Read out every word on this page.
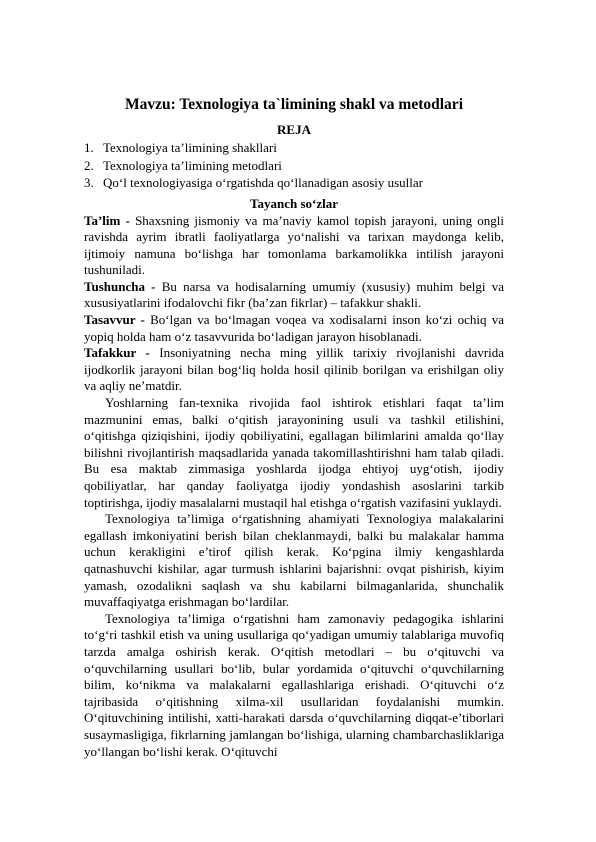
Mavzu: Texnologiya ta`limining shakl va metodlari
REJA
1. Texnologiya ta’limining shakllari
2. Texnologiya ta’limining metodlari
3. Qo‘l texnologiyasiga o‘rgatishda qo‘llanadigan asosiy usullar
Tayanch so‘zlar

Ta’lim - Shaxsning jismoniy va ma’naviy kamol topish jarayoni, uning ongli ravishda ayrim ibratli faoliyatlarga yo‘nalishi va tarixan maydonga kelib, ijtimoiy namuna bo‘lishga har tomonlama barkamolikka intilish jarayoni tushuniladi.

Tushuncha - Bu narsa va hodisalarning umumiy (xususiy) muhim belgi va xususiyatlarini ifodalovchi fikr (ba’zan fikrlar) – tafakkur shakli.

Tasavvur - Bo‘lgan va bo‘lmagan voqea va xodisalarni inson ko‘zi ochiq va yopiq holda ham o‘z tasavvurida bo‘ladigan jarayon hisoblanadi.

Tafakkur - Insoniyatning necha ming yillik tarixiy rivojlanishi davrida ijodkorlik jarayoni bilan bog‘liq holda hosil qilinib borilgan va erishilgan oliy va aqliy ne’matdir.

Yoshlarning fan-texnika rivojida faol ishtirok etishlari faqat ta’lim mazmunini emas, balki o‘qitish jarayonining usuli va tashkil etilishini, o‘qitishga qiziqishini, ijodiy qobiliyatini, egallagan bilimlarini amalda qo‘llay bilishni rivojlantirish maqsadlarida yanada takomillashtirishni ham talab qiladi. Bu esa maktab zimmasiga yoshlarda ijodga ehtiyoj uyg‘otish, ijodiy qobiliyatlar, har qanday faoliyatga ijodiy yondashish asoslarini tarkib toptirishga, ijodiy masalalarni mustaqil hal etishga o‘rgatish vazifasini yuklaydi.

Texnologiya ta’limiga o‘rgatishning ahamiyati Texnologiya malakalarini egallash imkoniyatini berish bilan cheklanmaydi, balki bu malakalar hamma uchun kerakligini e’tirof qilish kerak. Ko‘pgina ilmiy kengashlarda qatnashuvchi kishilar, agar turmush ishlarini bajarishni: ovqat pishirish, kiyim yamash, ozodalikni saqlash va shu kabilarni bilmaganlarida, shunchalik muvaffaqiyatga erishmagan bo‘lardilar.

Texnologiya ta’limiga o‘rgatishni ham zamonaviy pedagogika ishlarini to‘g‘ri tashkil etish va uning usullariga qo‘yadigan umumiy talablariga muvofiq tarzda amalga oshirish kerak. O‘qitish metodlari – bu o‘qituvchi va o‘quvchilarning usullari bo‘lib, bular yordamida o‘qituvchi o‘quvchilarning bilim, ko‘nikma va malakalarni egallashlariga erishadi. O‘qituvchi o‘z tajribasida o‘qitishning xilma-xil usullaridan foydalanishi mumkin. O‘qituvchining intilishi, xatti-harakati darsda o‘quvchilarning diqqat-e’tiborlari susaymasligiga, fikrlarning jamlangan bo‘lishiga, ularning chambarchasliklariga yo‘llangan bo‘lishi kerak. O‘qituvchi
